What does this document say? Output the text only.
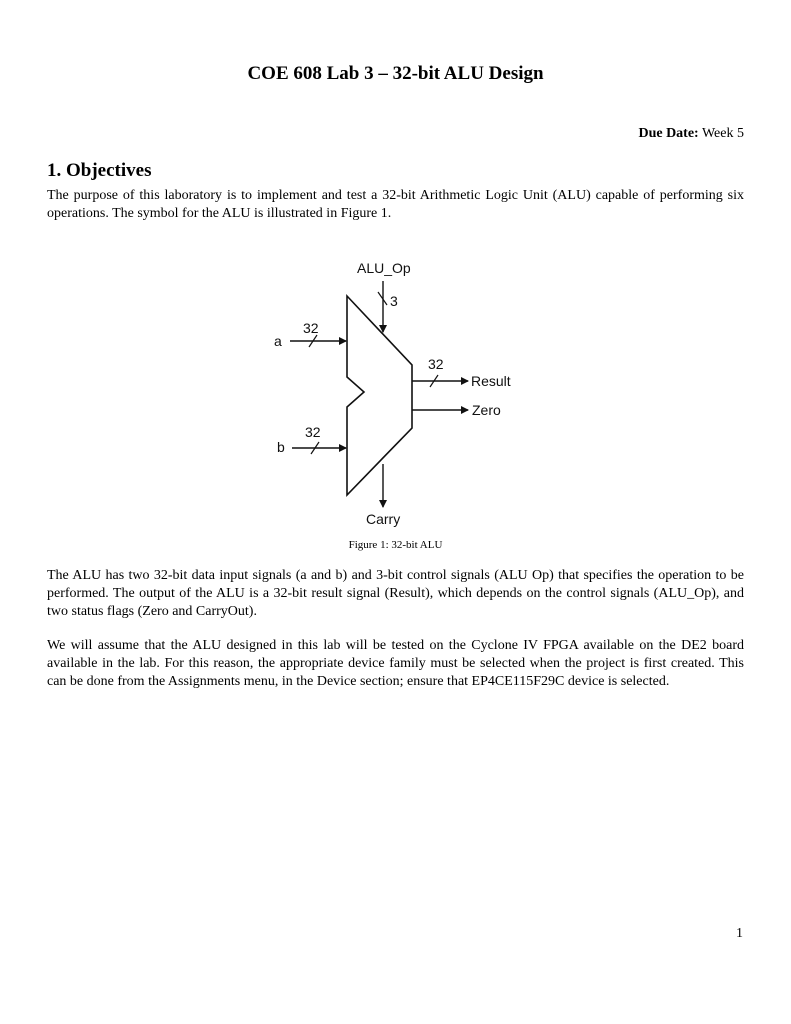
COE 608 Lab 3 – 32-bit ALU Design
Due Date: Week 5
1. Objectives
The purpose of this laboratory is to implement and test a 32-bit Arithmetic Logic Unit (ALU) capable of performing six operations. The symbol for the ALU is illustrated in Figure 1.
ALU_Op
3
a
32
b
32
32
Result
Zero
Carry
Figure 1: 32-bit ALU
The ALU has two 32-bit data input signals (a and b) and 3-bit control signals (ALU Op) that specifies the operation to be performed. The output of the ALU is a 32-bit result signal (Result), which depends on the control signals (ALU_Op), and two status flags (Zero and CarryOut).
We will assume that the ALU designed in this lab will be tested on the Cyclone IV FPGA available on the DE2 board available in the lab. For this reason, the appropriate device family must be selected when the project is first created. This can be done from the Assignments menu, in the Device section; ensure that EP4CE115F29C device is selected.
1
